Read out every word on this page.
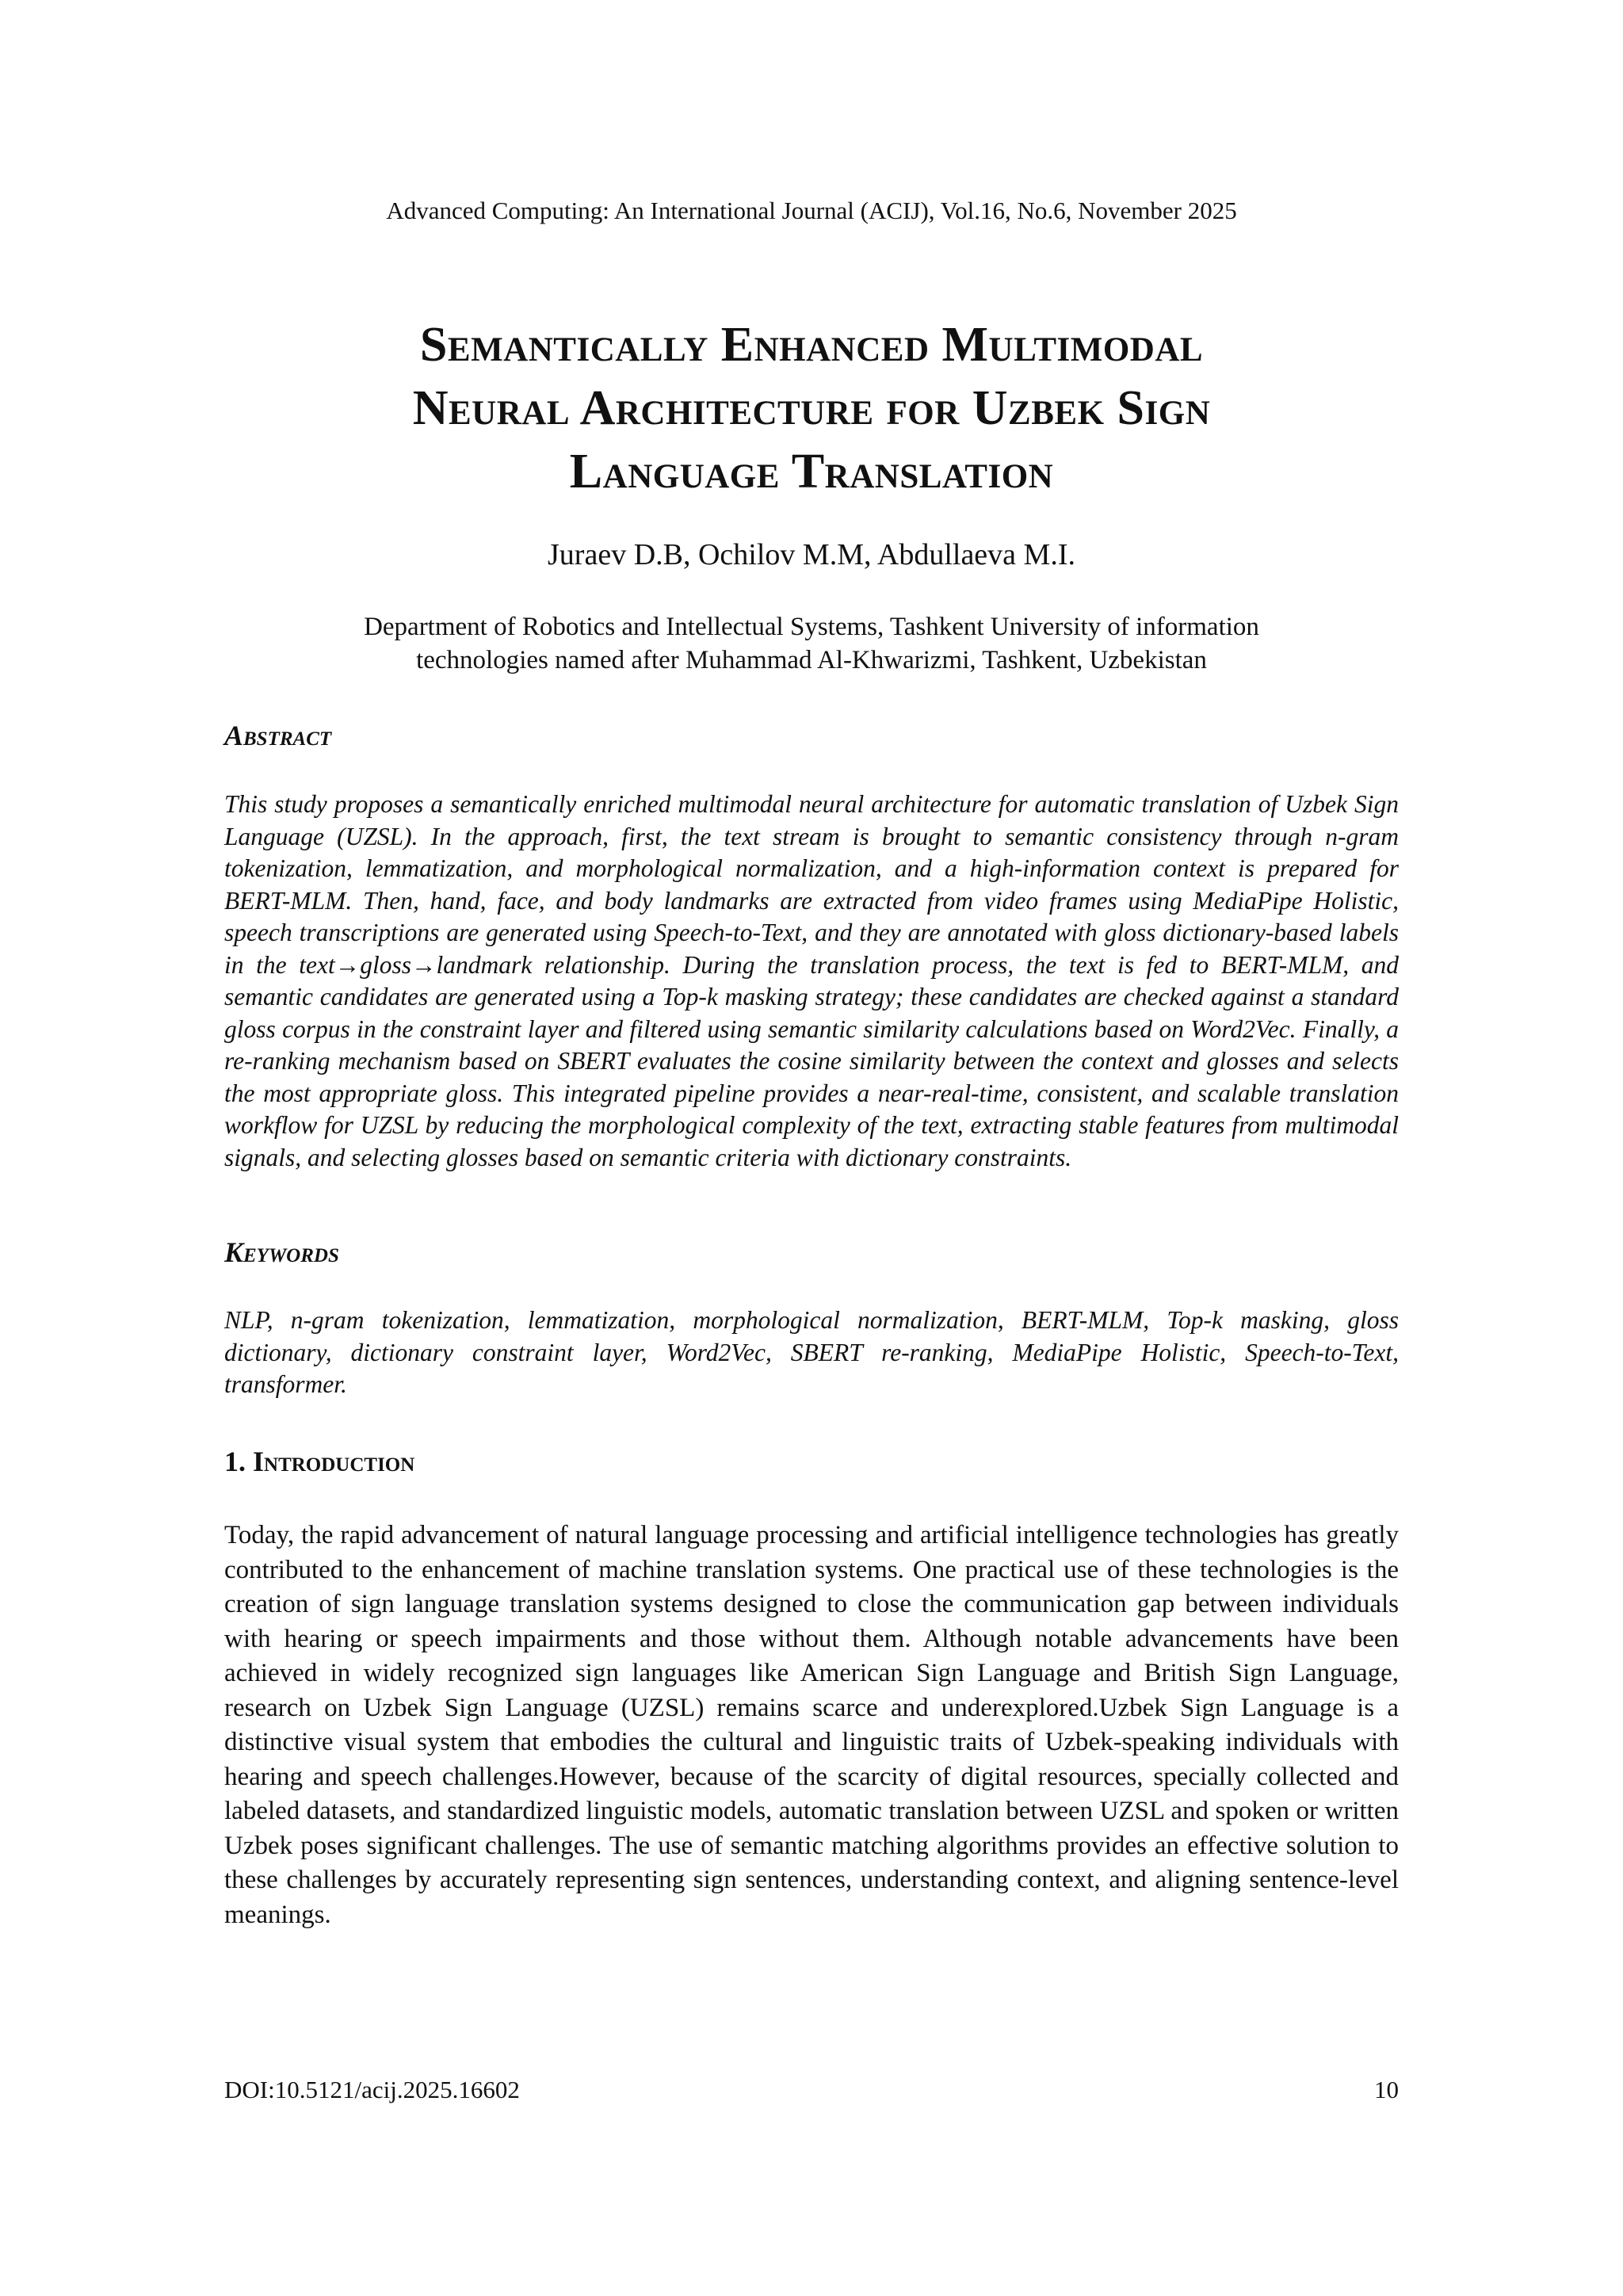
Advanced Computing: An International Journal (ACIJ), Vol.16, No.6, November 2025
Semantically Enhanced Multimodal
Neural Architecture for Uzbek Sign
Language Translation
Juraev D.B, Ochilov M.M, Abdullaeva M.I.
Department of Robotics and Intellectual Systems, Tashkent University of information
technologies named after Muhammad Al-Khwarizmi, Tashkent, Uzbekistan
Abstract
This study proposes a semantically enriched multimodal neural architecture for automatic translation of Uzbek Sign Language (UZSL). In the approach, first, the text stream is brought to semantic consistency through n-gram tokenization, lemmatization, and morphological normalization, and a high-information context is prepared for BERT-MLM. Then, hand, face, and body landmarks are extracted from video frames using MediaPipe Holistic, speech transcriptions are generated using Speech-to-Text, and they are annotated with gloss dictionary-based labels in the text→gloss→landmark relationship. During the translation process, the text is fed to BERT-MLM, and semantic candidates are generated using a Top-k masking strategy; these candidates are checked against a standard gloss corpus in the constraint layer and filtered using semantic similarity calculations based on Word2Vec. Finally, a re-ranking mechanism based on SBERT evaluates the cosine similarity between the context and glosses and selects the most appropriate gloss. This integrated pipeline provides a near-real-time, consistent, and scalable translation workflow for UZSL by reducing the morphological complexity of the text, extracting stable features from multimodal signals, and selecting glosses based on semantic criteria with dictionary constraints.
Keywords
NLP, n-gram tokenization, lemmatization, morphological normalization, BERT-MLM, Top-k masking, gloss dictionary, dictionary constraint layer, Word2Vec, SBERT re-ranking, MediaPipe Holistic, Speech-to-Text, transformer.
1. Introduction
Today, the rapid advancement of natural language processing and artificial intelligence technologies has greatly contributed to the enhancement of machine translation systems. One practical use of these technologies is the creation of sign language translation systems designed to close the communication gap between individuals with hearing or speech impairments and those without them. Although notable advancements have been achieved in widely recognized sign languages like American Sign Language and British Sign Language, research on Uzbek Sign Language (UZSL) remains scarce and underexplored.Uzbek Sign Language is a distinctive visual system that embodies the cultural and linguistic traits of Uzbek-speaking individuals with hearing and speech challenges.However, because of the scarcity of digital resources, specially collected and labeled datasets, and standardized linguistic models, automatic translation between UZSL and spoken or written Uzbek poses significant challenges. The use of semantic matching algorithms provides an effective solution to these challenges by accurately representing sign sentences, understanding context, and aligning sentence-level meanings.
DOI:10.5121/acij.2025.16602	10
